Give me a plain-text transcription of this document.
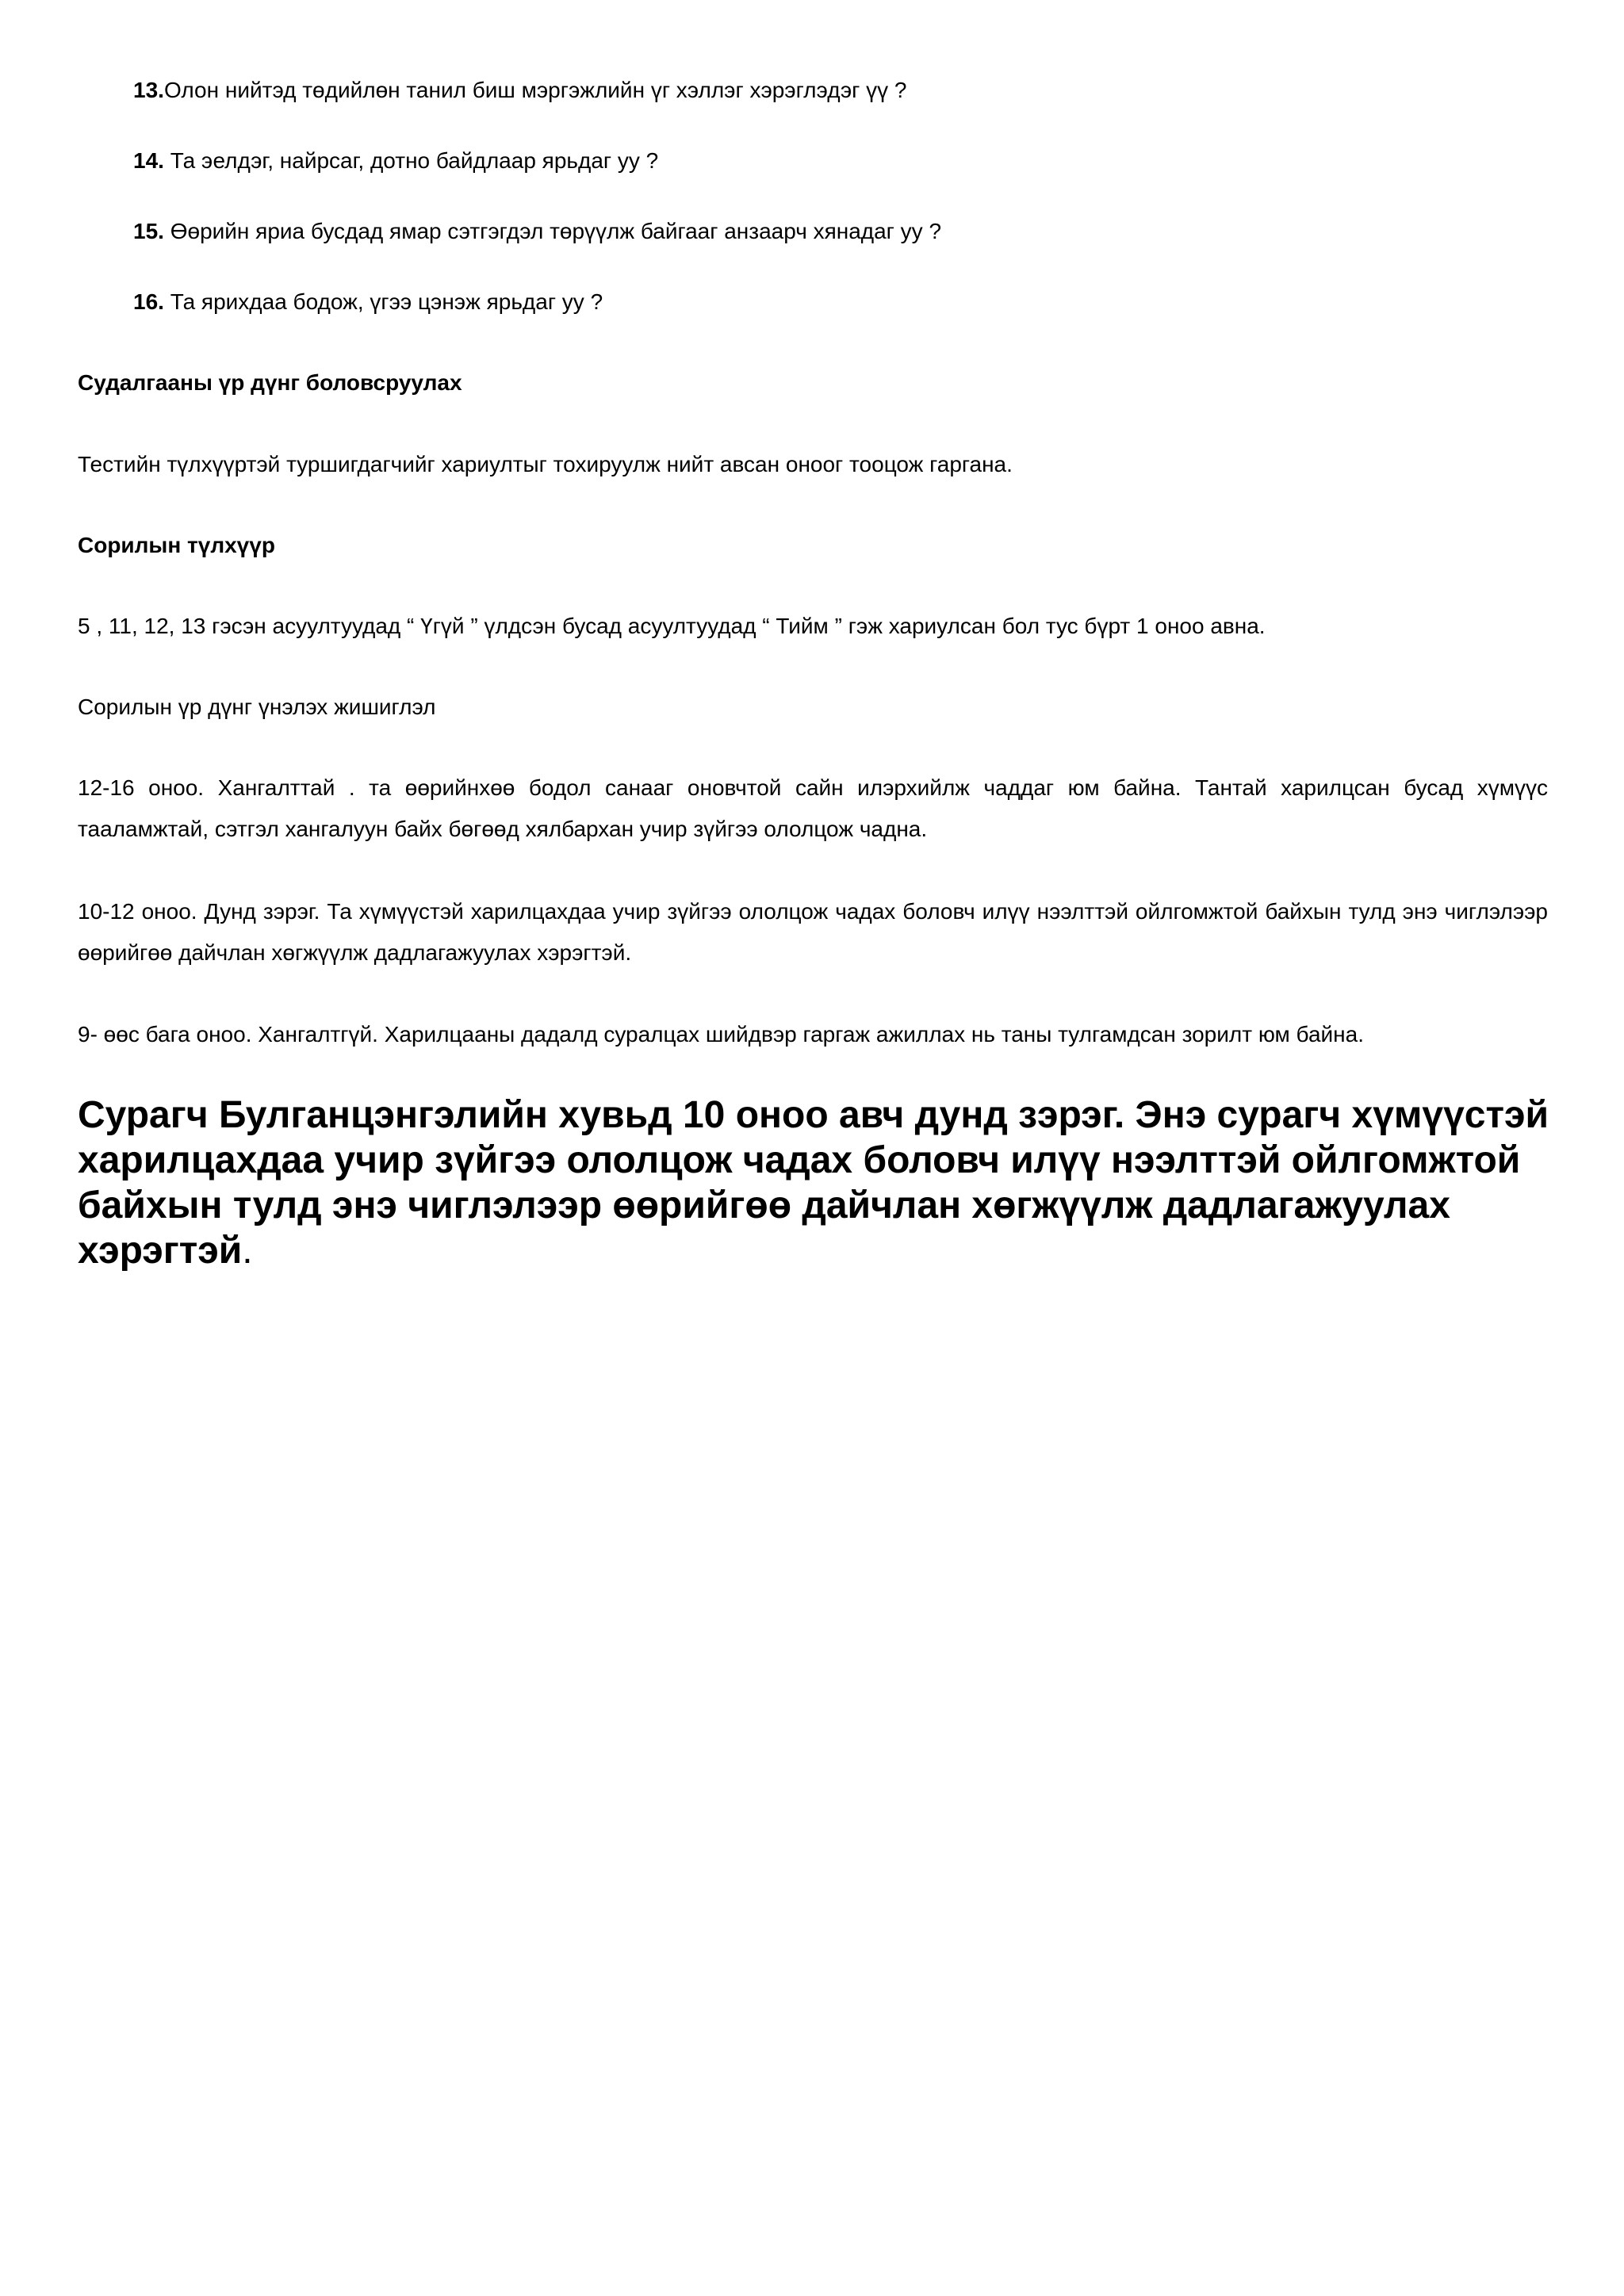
13.Олон нийтэд төдийлөн танил биш мэргэжлийн үг хэллэг хэрэглэдэг үү ?
14. Та эелдэг, найрсаг, дотно байдлаар ярьдаг уу ?
15. Өөрийн яриа бусдад ямар сэтгэгдэл төрүүлж байгааг анзаарч хянадаг уу ?
16. Та ярихдаа бодож, үгээ цэнэж ярьдаг уу ?
Судалгааны үр дүнг боловсруулах
Тестийн түлхүүртэй туршигдагчийг хариултыг тохируулж нийт авсан оноог тооцож гаргана.
Сорилын түлхүүр
5 , 11, 12, 13 гэсэн асуултуудад “ Үгүй ” үлдсэн бусад асуултуудад “ Тийм ” гэж хариулсан бол тус бүрт 1 оноо авна.
Сорилын үр дүнг үнэлэх жишиглэл
12-16 оноо. Хангалттай . та өөрийнхөө бодол санааг оновчтой сайн илэрхийлж чаддаг юм байна. Тантай харилцсан бусад хүмүүс тааламжтай, сэтгэл хангалуун байх бөгөөд хялбархан учир зүйгээ ололцож чадна.
10-12 оноо. Дунд зэрэг. Та хүмүүстэй харилцахдаа учир зүйгээ ололцож чадах боловч илүү нээлттэй ойлгомжтой байхын тулд энэ чиглэлээр өөрийгөө дайчлан хөгжүүлж дадлагажуулах хэрэгтэй.
9- өөс бага оноо. Хангалтгүй. Харилцааны дадалд суралцах шийдвэр гаргаж ажиллах нь таны тулгамдсан зорилт юм байна.
Сурагч Булганцэнгэлийн хувьд 10 оноо авч дунд зэрэг. Энэ сурагч хүмүүстэй харилцахдаа учир зүйгээ ололцож чадах боловч илүү нээлттэй ойлгомжтой байхын тулд энэ чиглэлээр өөрийгөө дайчлан хөгжүүлж дадлагажуулах хэрэгтэй.
